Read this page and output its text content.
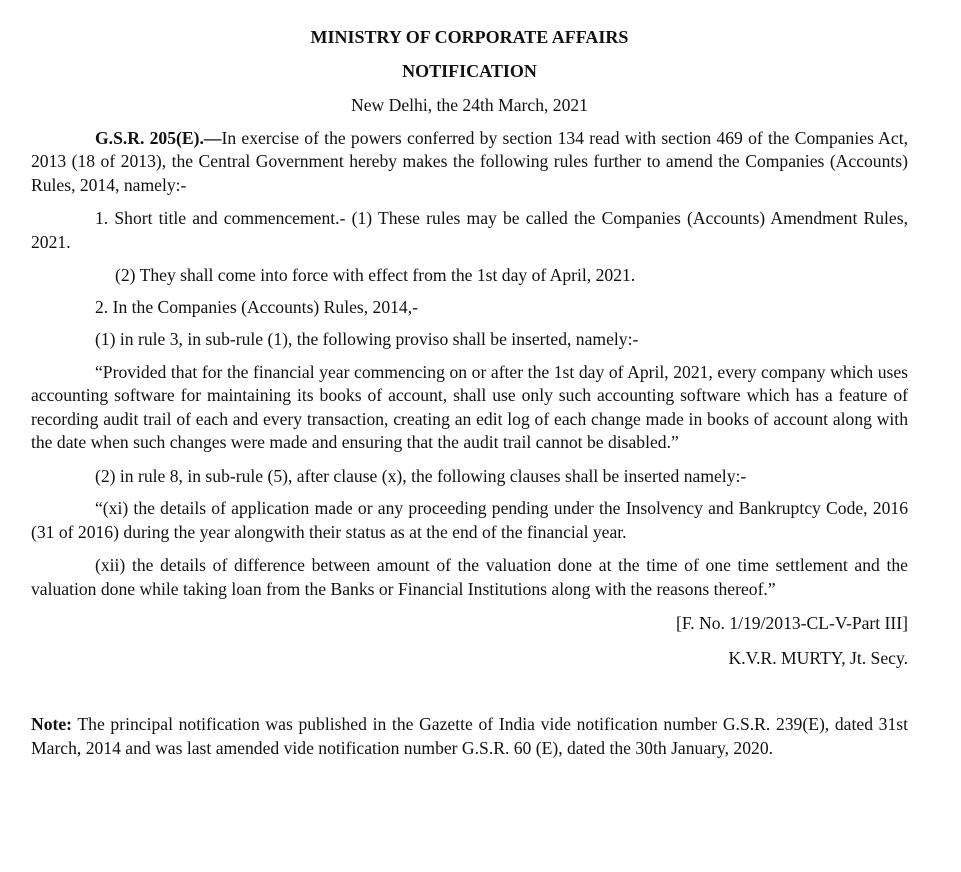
MINISTRY OF CORPORATE AFFAIRS
NOTIFICATION
New Delhi, the 24th March, 2021

G.S.R. 205(E).—In exercise of the powers conferred by section 134 read with section 469 of the Companies Act, 2013 (18 of 2013), the Central Government hereby makes the following rules further to amend the Companies (Accounts) Rules, 2014, namely:-

1. Short title and commencement.- (1) These rules may be called the Companies (Accounts) Amendment Rules, 2021.

(2) They shall come into force with effect from the 1st day of April, 2021.

2. In the Companies (Accounts) Rules, 2014,-

(1) in rule 3, in sub-rule (1), the following proviso shall be inserted, namely:-

“Provided that for the financial year commencing on or after the 1st day of April, 2021, every company which uses accounting software for maintaining its books of account, shall use only such accounting software which has a feature of recording audit trail of each and every transaction, creating an edit log of each change made in books of account along with the date when such changes were made and ensuring that the audit trail cannot be disabled.”

(2) in rule 8, in sub-rule (5), after clause (x), the following clauses shall be inserted namely:-

“(xi) the details of application made or any proceeding pending under the Insolvency and Bankruptcy Code, 2016 (31 of 2016) during the year alongwith their status as at the end of the financial year.

(xii) the details of difference between amount of the valuation done at the time of one time settlement and the valuation done while taking loan from the Banks or Financial Institutions along with the reasons thereof.”

[F. No. 1/19/2013-CL-V-Part III]

K.V.R. MURTY, Jt. Secy.

Note: The principal notification was published in the Gazette of India vide notification number G.S.R. 239(E), dated 31st March, 2014 and was last amended vide notification number G.S.R. 60 (E), dated the 30th January, 2020.
